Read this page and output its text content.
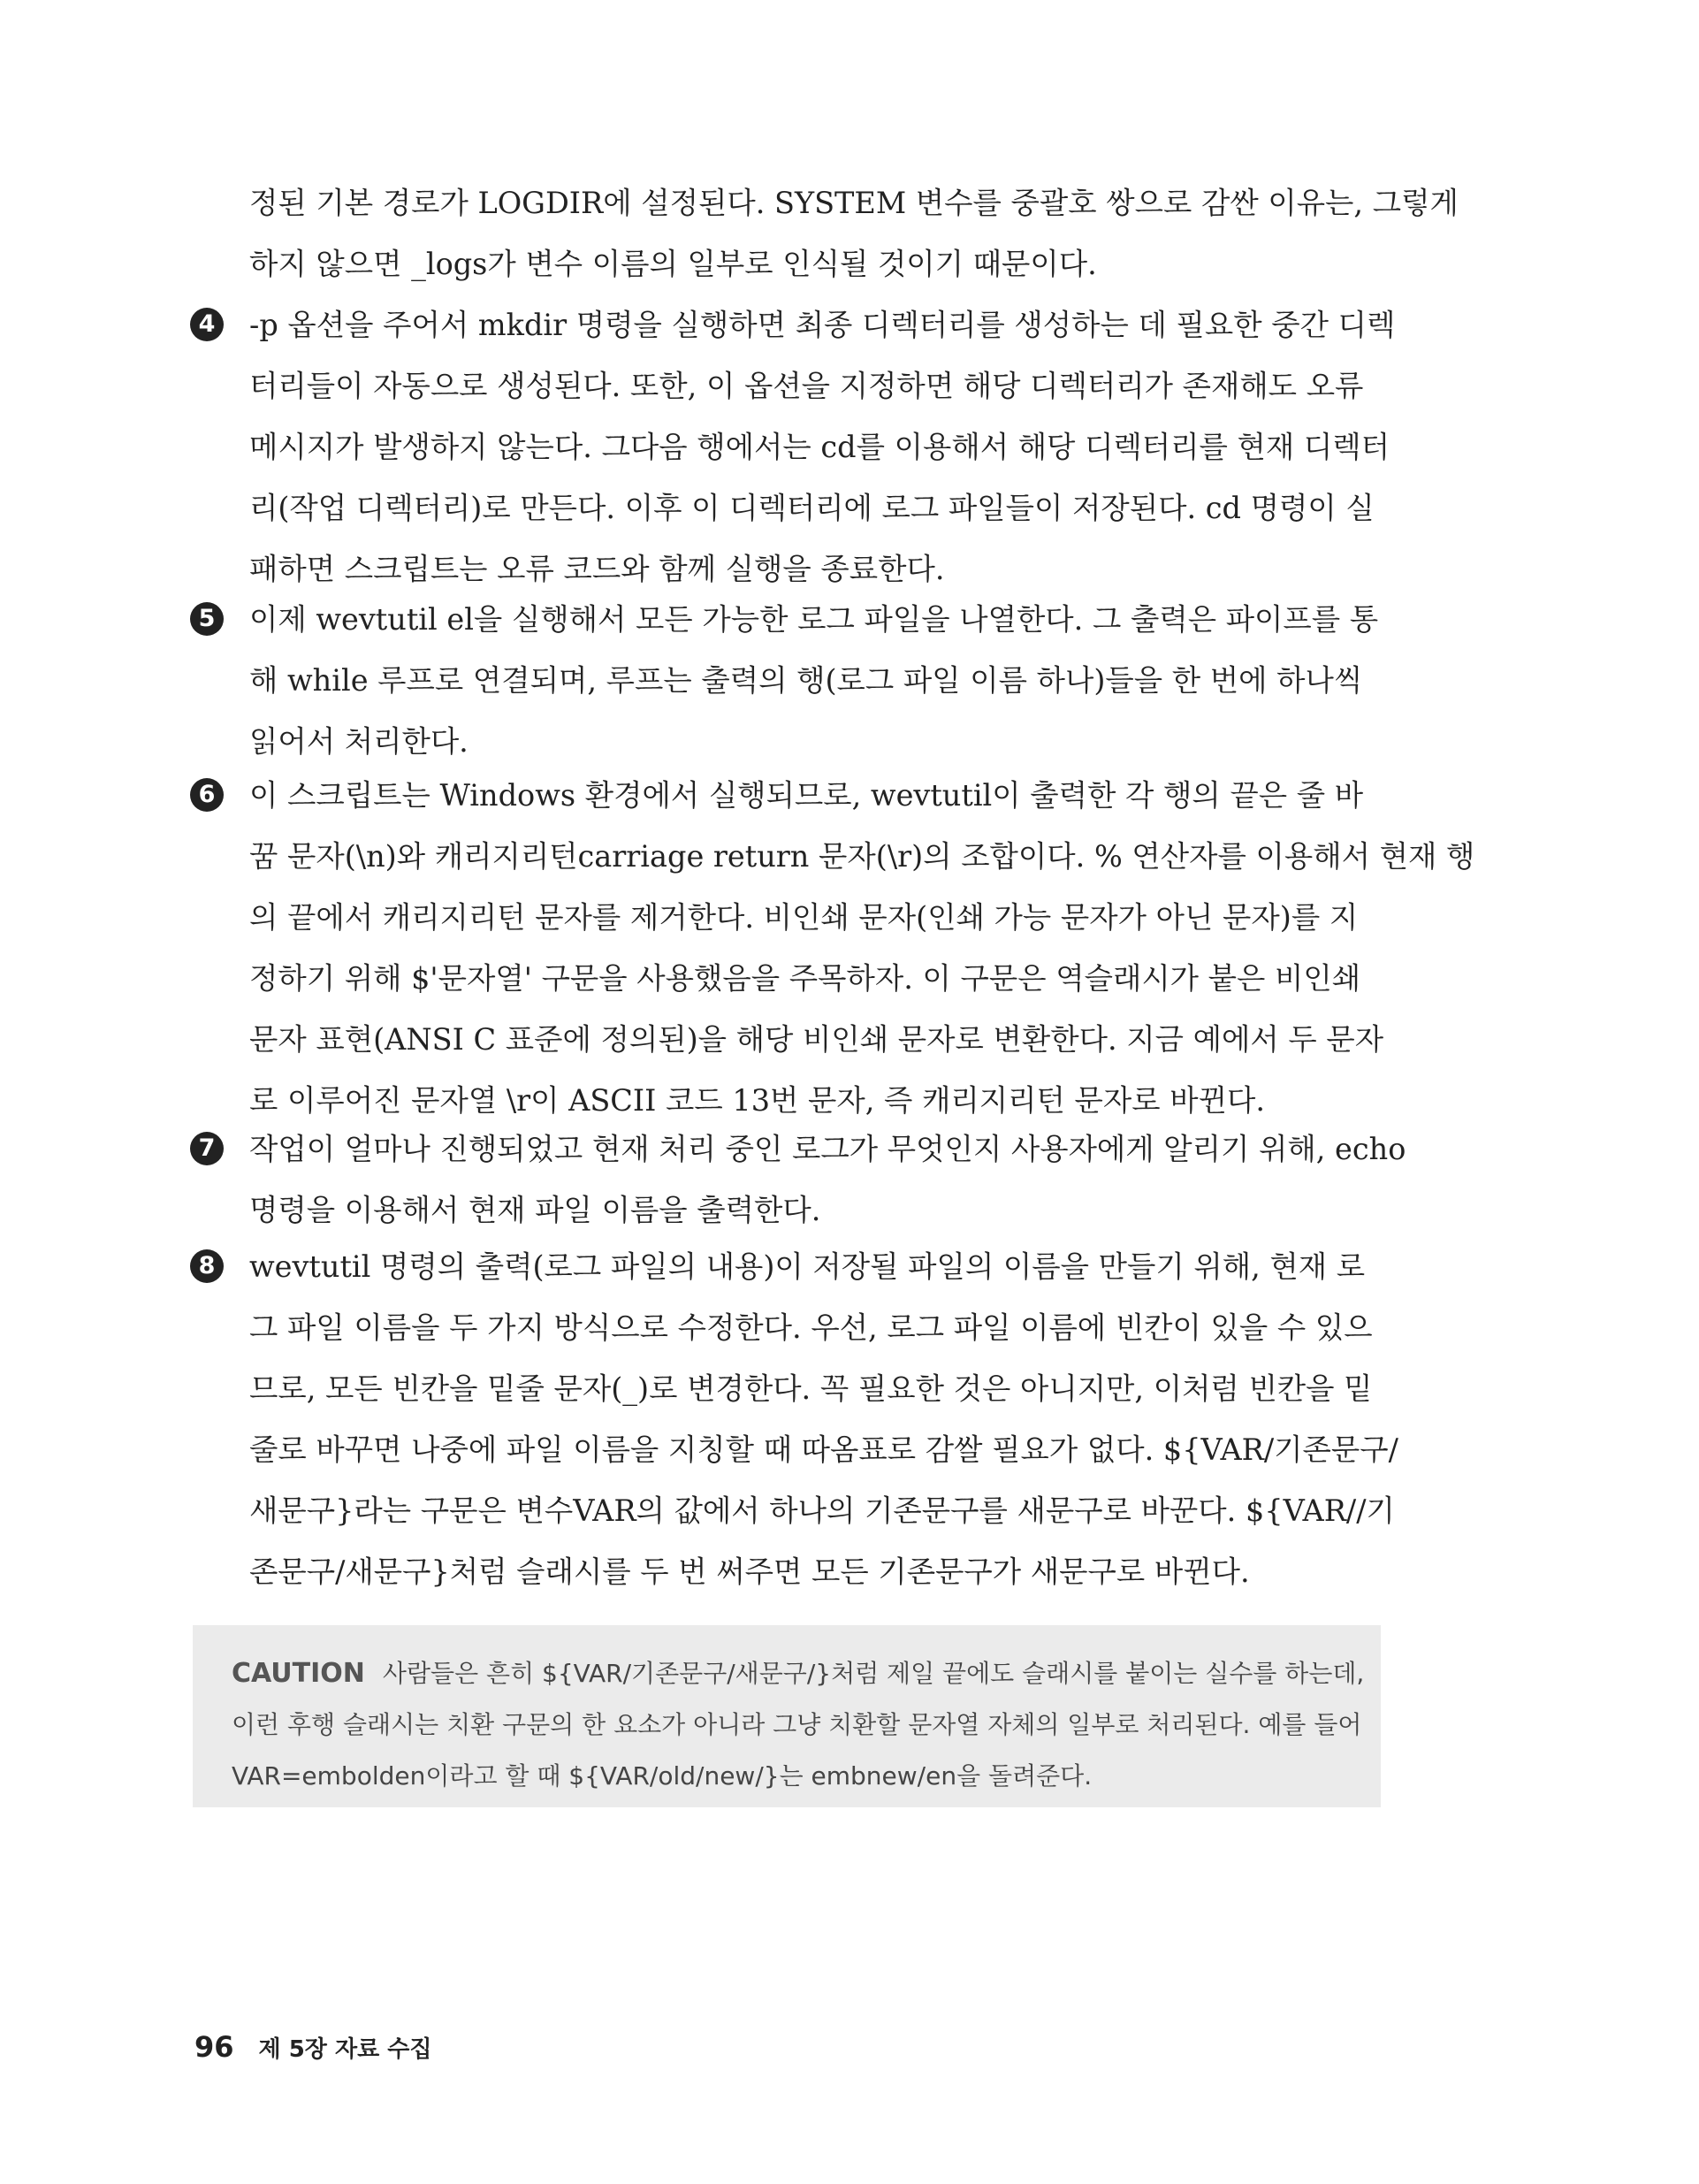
정된 기본 경로가 LOGDIR에 설정된다. SYSTEM 변수를 중괄호 쌍으로 감싼 이유는, 그렇게
하지 않으면 _logs가 변수 이름의 일부로 인식될 것이기 때문이다.
4 -p 옵션을 주어서 mkdir 명령을 실행하면 최종 디렉터리를 생성하는 데 필요한 중간 디렉
터리들이 자동으로 생성된다. 또한, 이 옵션을 지정하면 해당 디렉터리가 존재해도 오류
메시지가 발생하지 않는다. 그다음 행에서는 cd를 이용해서 해당 디렉터리를 현재 디렉터
리(작업 디렉터리)로 만든다. 이후 이 디렉터리에 로그 파일들이 저장된다. cd 명령이 실
패하면 스크립트는 오류 코드와 함께 실행을 종료한다.
5 이제 wevtutil el을 실행해서 모든 가능한 로그 파일을 나열한다. 그 출력은 파이프를 통
해 while 루프로 연결되며, 루프는 출력의 행(로그 파일 이름 하나)들을 한 번에 하나씩
읽어서 처리한다.
6 이 스크립트는 Windows 환경에서 실행되므로, wevtutil이 출력한 각 행의 끝은 줄 바
꿈 문자(\n)와 캐리지리턴carriage return 문자(\r)의 조합이다. % 연산자를 이용해서 현재 행
의 끝에서 캐리지리턴 문자를 제거한다. 비인쇄 문자(인쇄 가능 문자가 아닌 문자)를 지
정하기 위해 $'문자열' 구문을 사용했음을 주목하자. 이 구문은 역슬래시가 붙은 비인쇄
문자 표현(ANSI C 표준에 정의된)을 해당 비인쇄 문자로 변환한다. 지금 예에서 두 문자
로 이루어진 문자열 \r이 ASCII 코드 13번 문자, 즉 캐리지리턴 문자로 바뀐다.
7 작업이 얼마나 진행되었고 현재 처리 중인 로그가 무엇인지 사용자에게 알리기 위해, echo
명령을 이용해서 현재 파일 이름을 출력한다.
8 wevtutil 명령의 출력(로그 파일의 내용)이 저장될 파일의 이름을 만들기 위해, 현재 로
그 파일 이름을 두 가지 방식으로 수정한다. 우선, 로그 파일 이름에 빈칸이 있을 수 있으
므로, 모든 빈칸을 밑줄 문자(_)로 변경한다. 꼭 필요한 것은 아니지만, 이처럼 빈칸을 밑
줄로 바꾸면 나중에 파일 이름을 지칭할 때 따옴표로 감쌀 필요가 없다. ${VAR/기존문구/
새문구}라는 구문은 변수VAR의 값에서 하나의 기존문구를 새문구로 바꾼다. ${VAR//기
존문구/새문구}처럼 슬래시를 두 번 써주면 모든 기존문구가 새문구로 바뀐다.
CAUTION 사람들은 흔히 ${VAR/기존문구/새문구/}처럼 제일 끝에도 슬래시를 붙이는 실수를 하는데,
이런 후행 슬래시는 치환 구문의 한 요소가 아니라 그냥 치환할 문자열 자체의 일부로 처리된다. 예를 들어
VAR=embolden이라고 할 때 ${VAR/old/new/}는 embnew/en을 돌려준다.
96 제 5장 자료 수집
